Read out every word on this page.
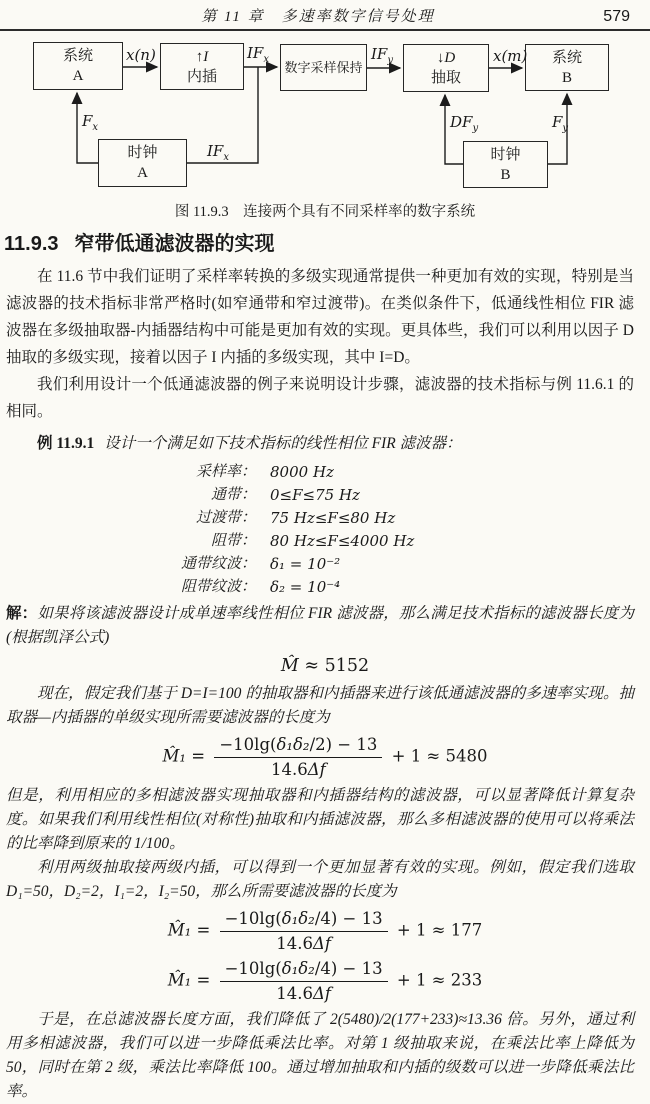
第 11 章　多速率数字信号处理	579
系统
A
↑I
内插
数字采样保持
↓D
抽取
系统
B
时钟
A
时钟
B
x(n)	$IF_x$	$IF_y$	x(m)
$F_x$
$IF_x$
$DF_y$	$F_y$
图 11.9.3　连接两个具有不同采样率的数字系统
11.9.3 窄带低通滤波器的实现

在 11.6 节中我们证明了采样率转换的多级实现通常提供一种更加有效的实现，特别是当滤波器的技术指标非常严格时(如窄通带和窄过渡带)。在类似条件下，低通线性相位 FIR 滤波器在多级抽取器-内插器结构中可能是更加有效的实现。更具体些，我们可以利用以因子 D 抽取的多级实现，接着以因子 I 内插的多级实现，其中 I=D。

我们利用设计一个低通滤波器的例子来说明设计步骤，滤波器的技术指标与例 11.6.1 的相同。

例 11.9.1 设计一个满足如下技术指标的线性相位 FIR 滤波器：

采样率： 8000 Hz
通带： 0≤F≤75 Hz
过渡带： 75 Hz≤F≤80 Hz
阻带： 80 Hz≤F≤4000 Hz
通带纹波： δ₁ = 10⁻²
阻带纹波： δ₂ = 10⁻⁴

解：如果将该滤波器设计成单速率线性相位 FIR 滤波器，那么满足技术指标的滤波器长度为(根据凯泽公式)

M̂ ≈ 5152

现在，假定我们基于 D=I=100 的抽取器和内插器来进行该低通滤波器的多速率实现。抽取器—内插器的单级实现所需要滤波器的长度为

M̂₁ = $\frac{\text{−10lg(δ₁δ₂/2) − 13}}{14.6\Delta f} + 1 \approx 5480$

但是，利用相应的多相滤波器实现抽取器和内插器结构的滤波器，可以显著降低计算复杂度。如果我们利用线性相位(对称性)抽取和内插滤波器，那么多相滤波器的使用可以将乘法的比率降到原来的 1/100。

利用两级抽取接两级内插，可以得到一个更加显著有效的实现。例如，假定我们选取 D₁=50，D₂=2，I₁=2，I₂=50，那么所需要滤波器的长度为

M̂₁ = $\frac{\text{−10lg(δ₁δ₂/4) − 13}}{14.6\Delta f} + 1 \approx 177$
M̂₁ = $\frac{\text{−10lg(δ₁δ₂/4) − 13}}{14.6\Delta f} + 1 \approx 233$

于是，在总滤波器长度方面，我们降低了 2(5480)/2(177+233)≈13.36 倍。另外，通过利用多相滤波器，我们可以进一步降低乘法比率。对第 1 级抽取来说，在乘法比率上降低为 50，同时在第 2 级，乘法比率降低 100。通过增加抽取和内插的级数可以进一步降低乘法比率。
